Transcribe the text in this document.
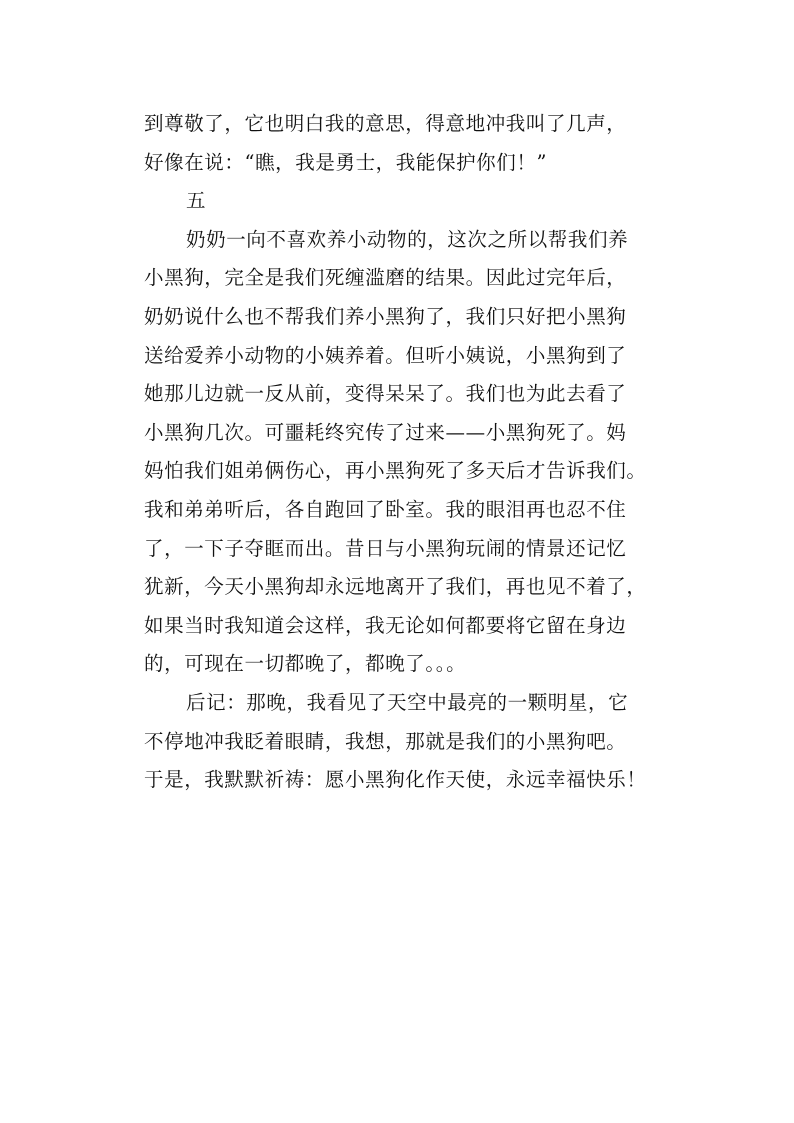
到尊敬了，它也明白我的意思，得意地冲我叫了几声，
好像在说：“瞧，我是勇士，我能保护你们！”
五
奶奶一向不喜欢养小动物的，这次之所以帮我们养
小黑狗，完全是我们死缠滥磨的结果。因此过完年后，
奶奶说什么也不帮我们养小黑狗了，我们只好把小黑狗
送给爱养小动物的小姨养着。但听小姨说，小黑狗到了
她那儿边就一反从前，变得呆呆了。我们也为此去看了
小黑狗几次。可噩耗终究传了过来——小黑狗死了。妈
妈怕我们姐弟俩伤心，再小黑狗死了多天后才告诉我们。
我和弟弟听后，各自跑回了卧室。我的眼泪再也忍不住
了，一下子夺眶而出。昔日与小黑狗玩闹的情景还记忆
犹新，今天小黑狗却永远地离开了我们，再也见不着了，
如果当时我知道会这样，我无论如何都要将它留在身边
的，可现在一切都晚了，都晚了。。。
后记：那晚，我看见了天空中最亮的一颗明星，它
不停地冲我眨着眼睛，我想，那就是我们的小黑狗吧。
于是，我默默祈祷：愿小黑狗化作天使，永远幸福快乐！
